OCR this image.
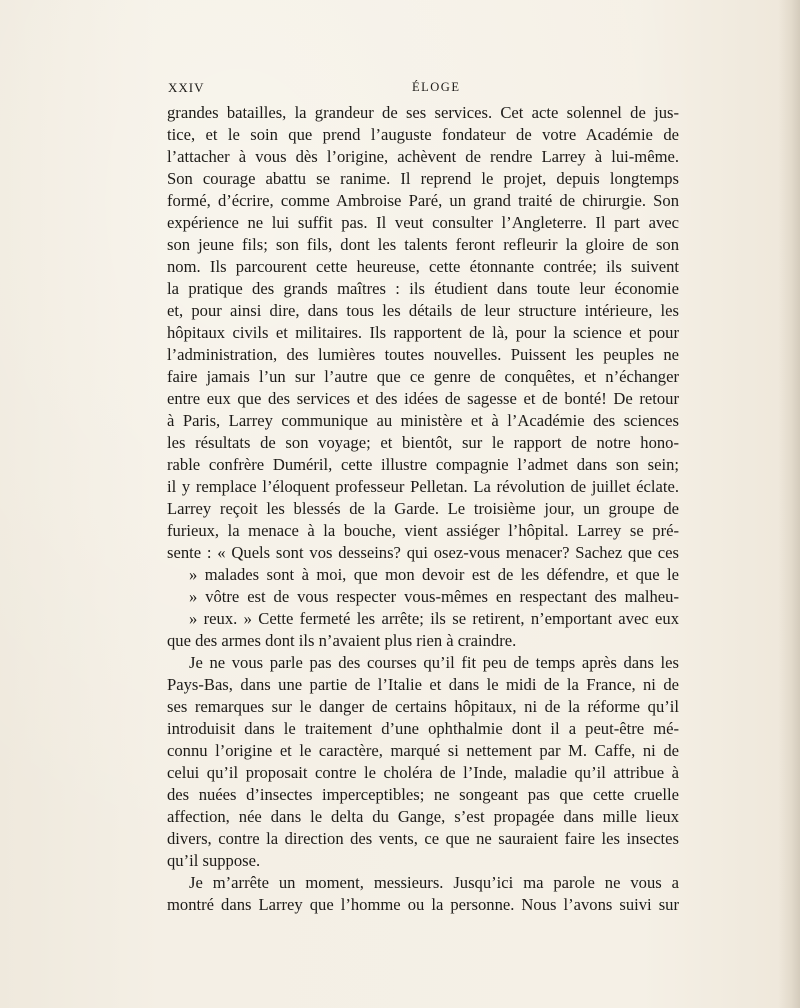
XXIV	ÉLOGE
grandes batailles, la grandeur de ses services. Cet acte solennel de jus-
tice, et le soin que prend l’auguste fondateur de votre Académie de
l’attacher à vous dès l’origine, achèvent de rendre Larrey à lui-même.
Son courage abattu se ranime. Il reprend le projet, depuis longtemps
formé, d’écrire, comme Ambroise Paré, un grand traité de chirurgie. Son
expérience ne lui suffit pas. Il veut consulter l’Angleterre. Il part avec
son jeune fils; son fils, dont les talents feront refleurir la gloire de son
nom. Ils parcourent cette heureuse, cette étonnante contrée; ils suivent
la pratique des grands maîtres : ils étudient dans toute leur économie
et, pour ainsi dire, dans tous les détails de leur structure intérieure, les
hôpitaux civils et militaires. Ils rapportent de là, pour la science et pour
l’administration, des lumières toutes nouvelles. Puissent les peuples ne
faire jamais l’un sur l’autre que ce genre de conquêtes, et n’échanger
entre eux que des services et des idées de sagesse et de bonté! De retour
à Paris, Larrey communique au ministère et à l’Académie des sciences
les résultats de son voyage; et bientôt, sur le rapport de notre hono-
rable confrère Duméril, cette illustre compagnie l’admet dans son sein;
il y remplace l’éloquent professeur Pelletan. La révolution de juillet éclate.
Larrey reçoit les blessés de la Garde. Le troisième jour, un groupe de
furieux, la menace à la bouche, vient assiéger l’hôpital. Larrey se pré-
sente : « Quels sont vos desseins? qui osez-vous menacer? Sachez que ces
» malades sont à moi, que mon devoir est de les défendre, et que le
» vôtre est de vous respecter vous-mêmes en respectant des malheu-
» reux. » Cette fermeté les arrête; ils se retirent, n’emportant avec eux
que des armes dont ils n’avaient plus rien à craindre.
Je ne vous parle pas des courses qu’il fit peu de temps après dans les
Pays-Bas, dans une partie de l’Italie et dans le midi de la France, ni de
ses remarques sur le danger de certains hôpitaux, ni de la réforme qu’il
introduisit dans le traitement d’une ophthalmie dont il a peut-être mé-
connu l’origine et le caractère, marqué si nettement par M. Caffe, ni de
celui qu’il proposait contre le choléra de l’Inde, maladie qu’il attribue à
des nuées d’insectes imperceptibles; ne songeant pas que cette cruelle
affection, née dans le delta du Gange, s’est propagée dans mille lieux
divers, contre la direction des vents, ce que ne sauraient faire les insectes
qu’il suppose.
Je m’arrête un moment, messieurs. Jusqu’ici ma parole ne vous a
montré dans Larrey que l’homme ou la personne. Nous l’avons suivi sur
